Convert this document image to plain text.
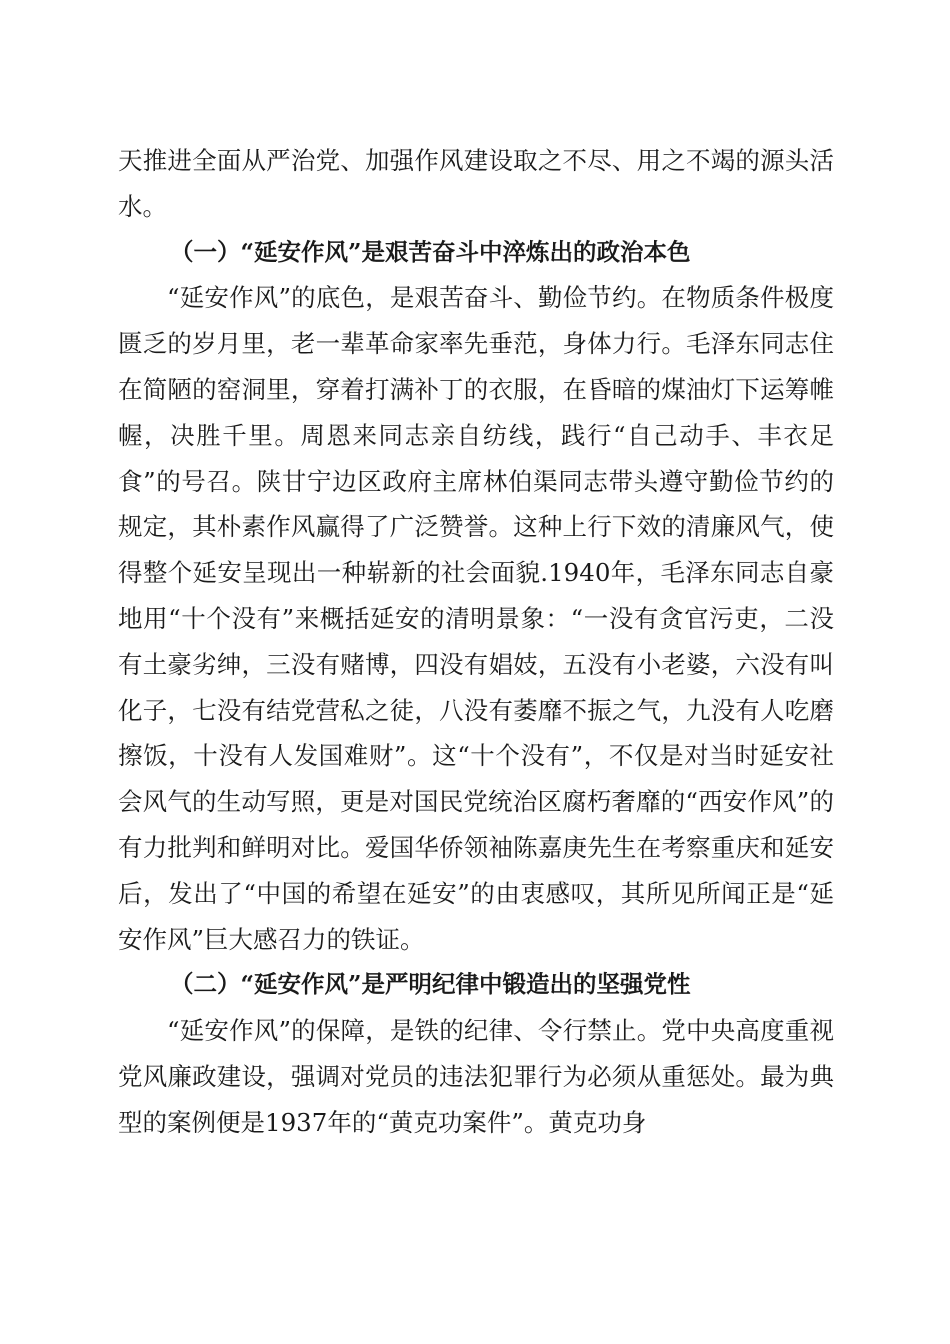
天推进全面从严治党、加强作风建设取之不尽、用之不竭的源头活水。

（一）“延安作风”是艰苦奋斗中淬炼出的政治本色

“延安作风”的底色，是艰苦奋斗、勤俭节约。在物质条件极度匮乏的岁月里，老一辈革命家率先垂范，身体力行。毛泽东同志住在简陋的窑洞里，穿着打满补丁的衣服，在昏暗的煤油灯下运筹帷幄，决胜千里。周恩来同志亲自纺线，践行“自己动手、丰衣足食”的号召。陕甘宁边区政府主席林伯渠同志带头遵守勤俭节约的规定，其朴素作风赢得了广泛赞誉。这种上行下效的清廉风气，使得整个延安呈现出一种崭新的社会面貌.1940年，毛泽东同志自豪地用“十个没有”来概括延安的清明景象：“一没有贪官污吏，二没有土豪劣绅，三没有赌博，四没有娼妓，五没有小老婆，六没有叫化子，七没有结党营私之徒，八没有萎靡不振之气，九没有人吃磨擦饭，十没有人发国难财”。这“十个没有”，不仅是对当时延安社会风气的生动写照，更是对国民党统治区腐朽奢靡的“西安作风”的有力批判和鲜明对比。爱国华侨领袖陈嘉庚先生在考察重庆和延安后，发出了“中国的希望在延安”的由衷感叹，其所见所闻正是“延安作风”巨大感召力的铁证。

（二）“延安作风”是严明纪律中锻造出的坚强党性

“延安作风”的保障，是铁的纪律、令行禁止。党中央高度重视党风廉政建设，强调对党员的违法犯罪行为必须从重惩处。最为典型的案例便是1937年的“黄克功案件”。黄克功身
